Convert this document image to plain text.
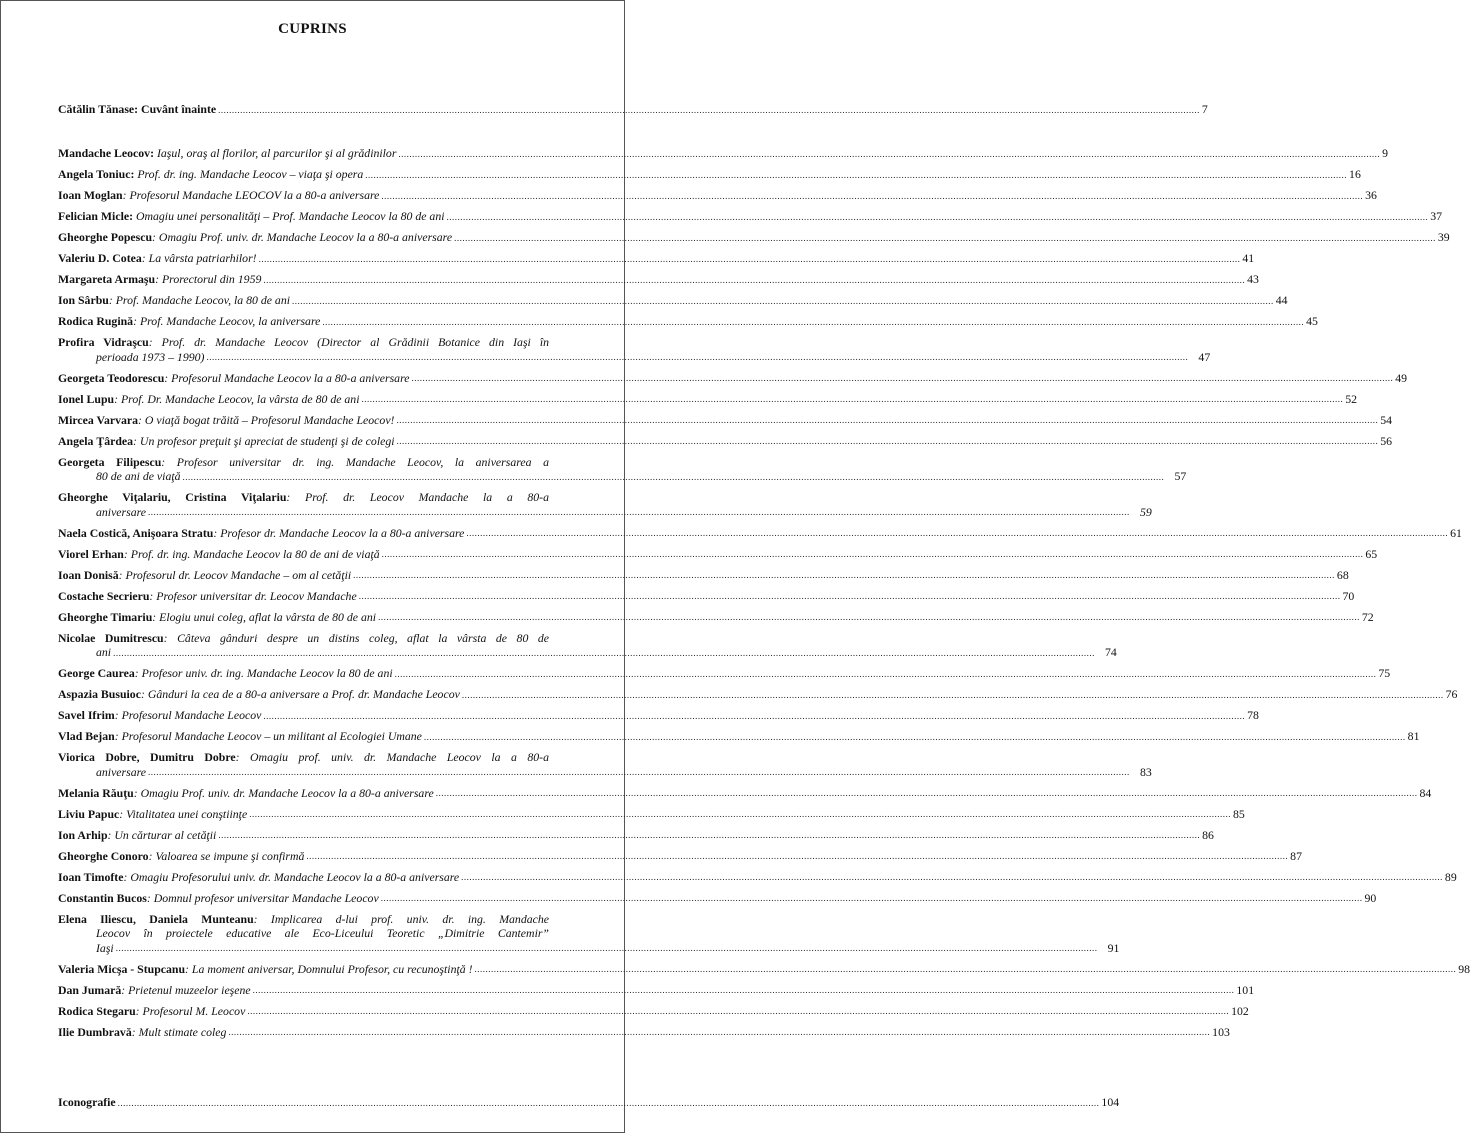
CUPRINS
Cătălin Tănase: Cuvânt înainte .....	7
Mandache Leocov: Iaşul, oraş al florilor, al parcurilor şi al grădinilor .....	9
Angela Toniuc: Prof. dr. ing. Mandache Leocov – viaţa şi opera .....	16
Ioan Moglan: Profesorul Mandache LEOCOV la a 80-a aniversare .....	36
Felician Micle: Omagiu unei personalităţi – Prof. Mandache Leocov la 80 de ani .....	37
Gheorghe Popescu: Omagiu Prof. univ. dr. Mandache Leocov la a 80-a aniversare .....	39
Valeriu D. Cotea: La vârsta patriarhilor! .....	41
Margareta Armaşu: Prorectorul din 1959 .....	43
Ion Sârbu: Prof. Mandache Leocov, la 80 de ani .....	44
Rodica Rugină: Prof. Mandache Leocov, la aniversare .....	45
Profira Vidraşcu: Prof. dr. Mandache Leocov (Director al Grădinii Botanice din Iaşi în
perioada 1973 – 1990) .....	47
Georgeta Teodorescu: Profesorul Mandache Leocov la a 80-a aniversare .....	49
Ionel Lupu: Prof. Dr. Mandache Leocov, la vârsta de 80 de ani .....	52
Mircea Varvara: O viaţă bogat trăită – Profesorul Mandache Leocov! .....	54
Angela Ţârdea: Un profesor preţuit şi apreciat de studenţi şi de colegi .....	56
Georgeta Filipescu: Profesor universitar dr. ing. Mandache Leocov, la aniversarea a
80 de ani de viaţă .....	57
Gheorghe Viţalariu, Cristina Viţalariu: Prof. dr. Leocov Mandache la a 80-a
aniversare .....	59
Naela Costică, Anişoara Stratu: Profesor dr. Mandache Leocov la a 80-a aniversare .....	61
Viorel Erhan: Prof. dr. ing. Mandache Leocov la 80 de ani de viaţă .....	65
Ioan Donisă: Profesorul dr. Leocov Mandache – om al cetăţii .....	68
Costache Secrieru: Profesor universitar dr. Leocov Mandache .....	70
Gheorghe Timariu: Elogiu unui coleg, aflat la vârsta de 80 de ani .....	72
Nicolae Dumitrescu: Câteva gânduri despre un distins coleg, aflat la vârsta de 80 de
ani .....	74
George Caurea: Profesor univ. dr. ing. Mandache Leocov la 80 de ani .....	75
Aspazia Busuioc: Gânduri la cea de a 80-a aniversare a Prof. dr. Mandache Leocov .....	76
Savel Ifrim: Profesorul Mandache Leocov .....	78
Vlad Bejan: Profesorul Mandache Leocov – un militant al Ecologiei Umane .....	81
Viorica Dobre, Dumitru Dobre: Omagiu prof. univ. dr. Mandache Leocov la a 80-a
aniversare .....	83
Melania Răuţu: Omagiu Prof. univ. dr. Mandache Leocov la a 80-a aniversare .....	84
Liviu Papuc: Vitalitatea unei conştiinţe .....	85
Ion Arhip: Un cărturar al cetăţii .....	86
Gheorghe Conoro: Valoarea se impune şi confirmă .....	87
Ioan Timofte: Omagiu Profesorului univ. dr. Mandache Leocov la a 80-a aniversare .....	89
Constantin Bucos: Domnul profesor universitar Mandache Leocov .....	90
Elena Iliescu, Daniela Munteanu: Implicarea d-lui prof. univ. dr. ing. Mandache
Leocov în proiectele educative ale Eco-Liceului Teoretic „Dimitrie Cantemir”
Iaşi .....	91
Valeria Micşa - Stupcanu: La moment aniversar, Domnului Profesor, cu recunoştinţă ! .....	98
Dan Jumară: Prietenul muzeelor ieşene .....	101
Rodica Stegaru: Profesorul M. Leocov .....	102
Ilie Dumbravă: Mult stimate coleg .....	103
Iconografie .....	104
